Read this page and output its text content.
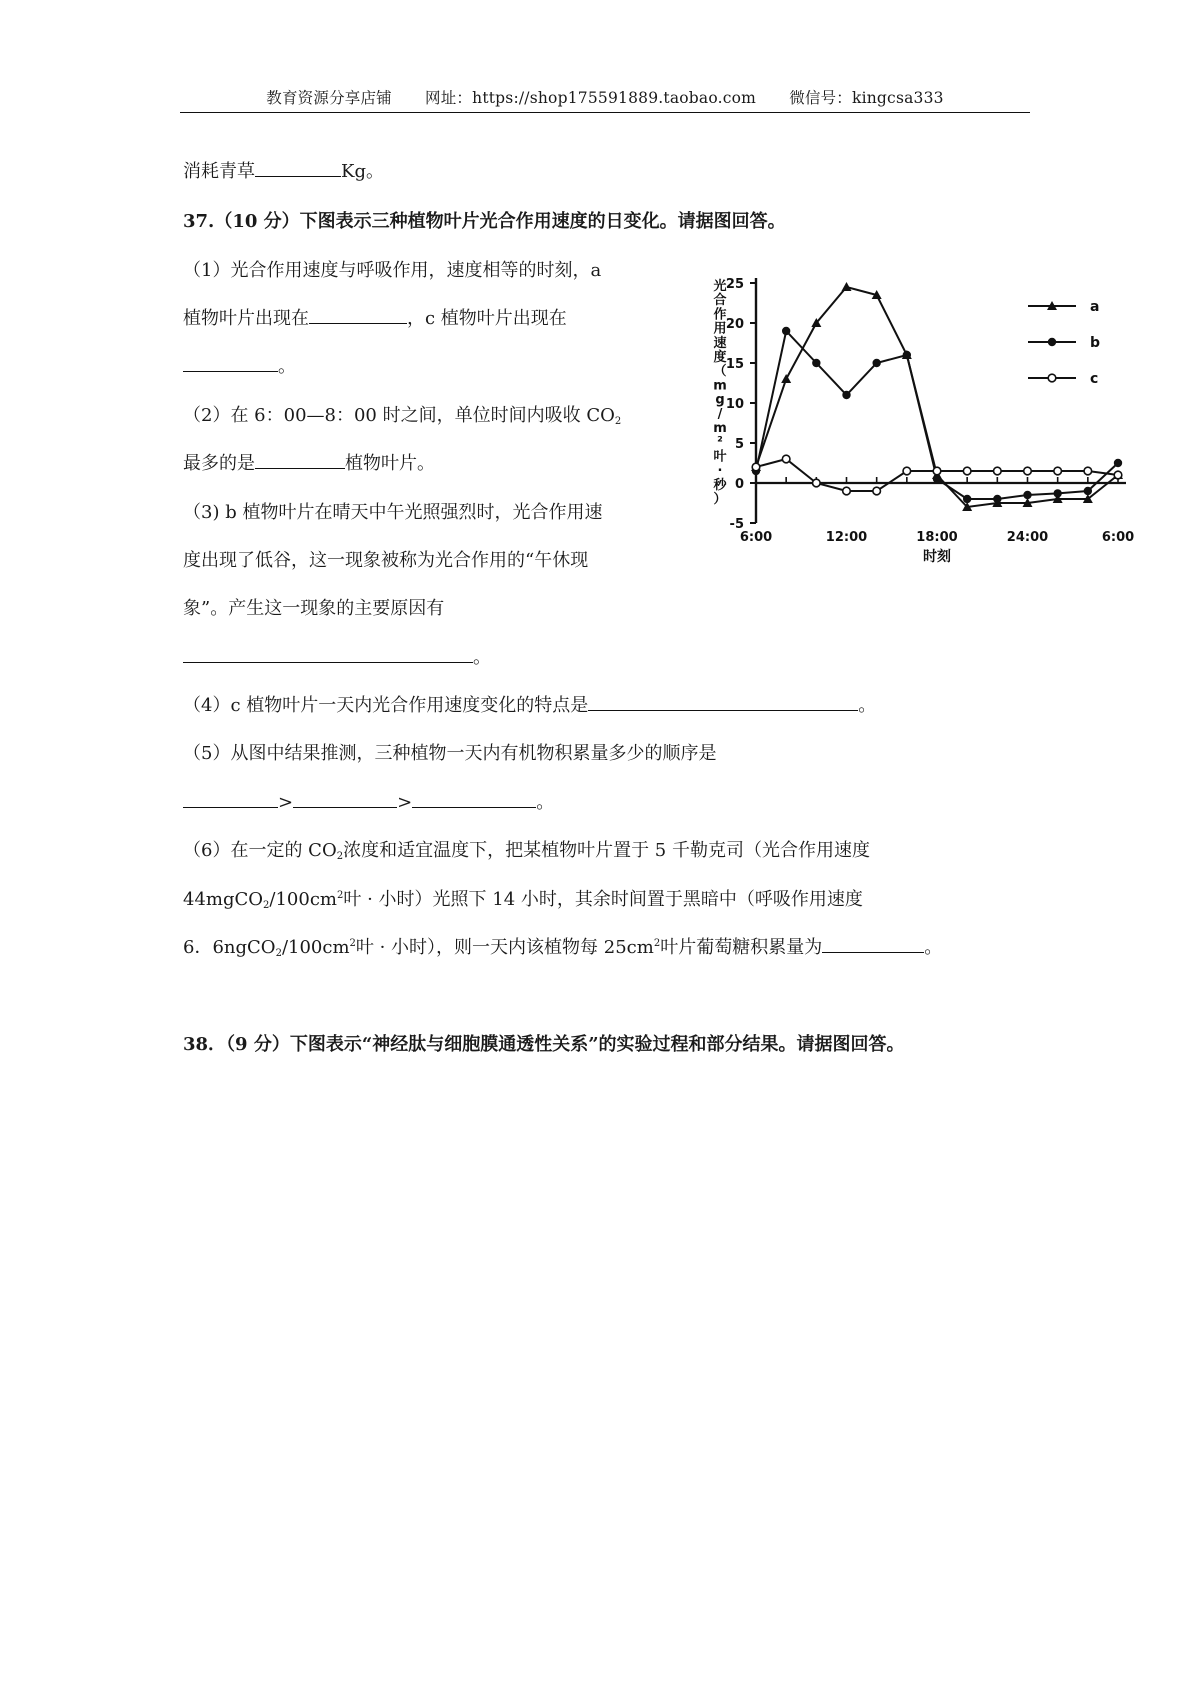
教育资源分享店铺 网址：https://shop175591889.taobao.com 微信号：kingcsa333
消耗青草	Kg。
37.（10 分）下图表示三种植物叶片光合作用速度的日变化。请据图回答。
（1）光合作用速度与呼吸作用，速度相等的时刻，a
植物叶片出现在	，c 植物叶片出现在
。
（2）在 6：00—8：00 时之间，单位时间内吸收 $CO_2$
最多的是	植物叶片。
（3) b 植物叶片在晴天中午光照强烈时，光合作用速
度出现了低谷，这一现象被称为光合作用的“午休现
象”。产生这一现象的主要原因有
。
（4）c 植物叶片一天内光合作用速度变化的特点是	。
（5）从图中结果推测，三种植物一天内有机物积累量多少的顺序是
>	>	。
（6）在一定的 $CO_2$浓度和适宜温度下，把某植物叶片置于 5 千勒克司（光合作用速度
$44mgCO_2/100cm^2$叶 · 小时）光照下 14 小时，其余时间置于黑暗中（呼吸作用速度
6．$6ngCO_2/100cm^2$叶 · 小时），则一天内该植物每 $25cm^2$叶片葡萄糖积累量为	。
38．（9 分）下图表示“神经肽与细胞膜通透性关系”的实验过程和部分结果。请据图回答。
25
20
15
10
5
0
-5
6:00	12:00	18:00	24:00	6:00
时刻
光
合
作
用
速
度
（
m
g
/
m
²
叶
·
秒
）
a
b
c
